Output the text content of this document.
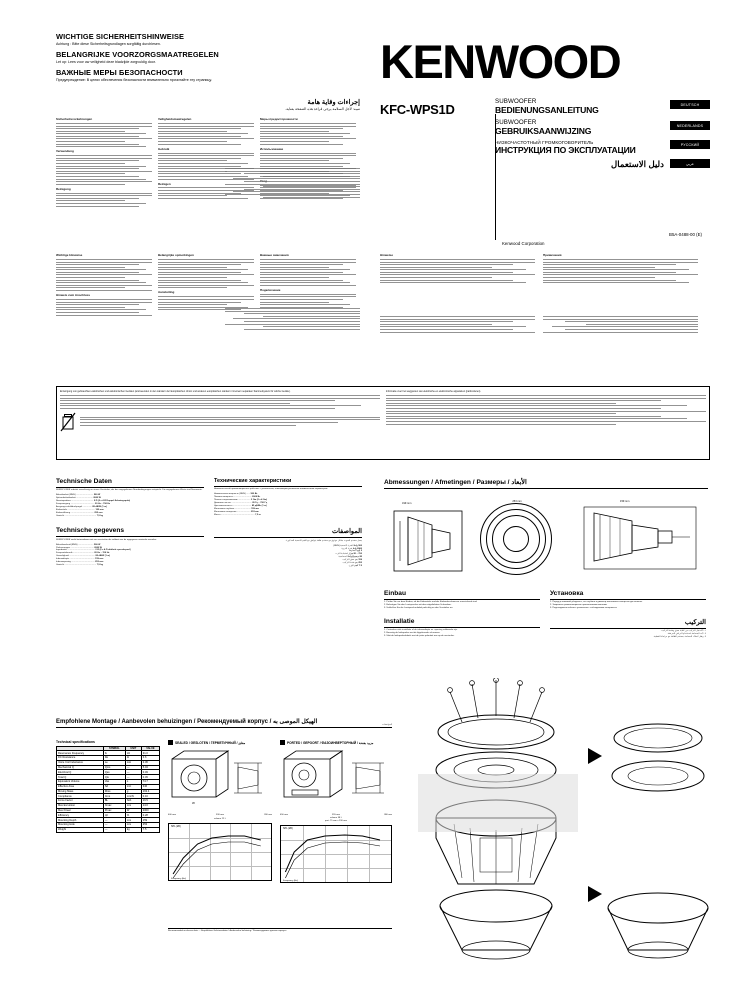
WICHTIGE SICHERHEITSHINWEISE
Achtung : Bitte diese Sicherheitsgrundlagen sorgfältig durchlesen.
BELANGRIJKE VOORZORGSMAATREGELEN
Let op: Lees voor uw veiligheid deze bladzijde zorgvuldig door.
ВАЖНЫЕ МЕРЫ БЕЗОПАСНОСТИ
Предупреждение: В целях обеспечения безопасности внимательно прочитайте эту страницу.
إجراءات وقاية هامة
تنبيه: لأجل السلامة يرجى قراءة هذه الصفحة بعناية.
KENWOOD
KFC-WPS1D
SUBWOOFER
BEDIENUNGSANLEITUNG
DEUTSCH
SUBWOOFER
GEBRUIKSAANWIJZING
NEDERLANDS
НИЗКОЧАСТОТНЫЙ ГРОМКОГОВОРИТЕЛЬ
ИНСТРУКЦИЯ ПО ЭКСПЛУАТАЦИИ
РУССКИЙ
دليل الاستعمال	عربي
Kenwood Corporation
B5A-0488-00 (E)
Sicherheitsvorkehrungen
Verwendung
Reinigung
Veiligheidsmaatregelen
Gebruik
Reinigen
Меры предосторожности
Использование
Wichtige Hinweise
Hinweis zum Anschluss
Belangrijke opmerkingen
Aansluiting
Важные замечания
Подключение
Hinweise	Примечания
Entsorgung von gebrauchten elektrischen und elektronischen Geräten (anzuwenden in den Ländern der Europäischen Union und anderen europäischen Ländern mit einem separaten Sammelsystem für solche Geräte).	Informatie over het weggooien van elektrische en elektronische apparatuur (particulieren).
Technische Daten
SUBWOOFER arbeitet zuverlässig an einem Verstärker, der den angegebenen Nennbedingungen entspricht. Die angegebenen Werte sind Nennwerte.
Belastbarkeit (RMS) ............................ 500 W
Spitzenbelastbarkeit ........................... 2000 W
Nennimpedanz .................................... 2 Ω (2 x 4 Ω Doppel-Schwingspule)
Frequenzgang ....................................... 20 Hz – 700 Hz
Ausgangsschalldruckpegel ............... 85 dB/W (1 m)
Einbautiefe ............................................. 159 mm
Einbauöffnung ...................................... 253 mm
Gewicht .................................................... 7,5 kg
Технические характеристики
Низкочастотный громкоговоритель работает с усилителем, отвечающим указанным номинальным параметрам.
Номинальная мощность (RMS) ...... 500 Вт
Пиковая мощность ............................. 2000 Вт
Полное сопротивление .................... 2 Ом (2 x 4 Ом)
Диапазон частот ................................. 20 Гц – 700 Гц
Чувствительность .............................. 85 дБ/Вт (1 м)
Монтажная глубина .......................... 159 мм
Монтажное отверстие ...................... 253 мм
Масса ....................................................... 7,5 кг
Technische gegevens
SUBWOOFER werkt betrouwbaar met een versterker die voldoet aan de opgegeven nominale waarden.
Belastbaarheid (RMS) ......................... 500 W
Piekvermogen ...................................... 2000 W
Impedantie ............................................. 2 Ω (2 x 4 Ω dubbele spreekspoel)
Frequentiebereik .................................. 20 Hz – 700 Hz
Gevoeligheid .......................................... 85 dB/W (1 m)
Inbouwdiepte ......................................... 159 mm
Inbouwopening ...................................... 253 mm
Gewicht .................................................... 7,5 kg
المواصفات
يعمل مضخم الصوت بشكل موثوق مع مضخم طاقة يتوافق مع القيم الاسمية المذكورة.
500 واط القدرة الاسمية (RMS)
2000 واط قدرة الذروة
2 أوم المعاوقة
700 – 20 هرتز استجابة التردد
85 ديسيبل/واط الحساسية
159 مم عمق التركيب
253 مم فتحة التركيب
7.5 كجم الوزن
Abmessungen / Afmetingen / Размеры / الأبعاد
319 mm
253 mm	159 mm
Einbau
1. Prüfen Sie vor dem Einbau, ob die Einbautiefe und der Einbaudurchmesser ausreichend sind.
2. Befestigen Sie den Lautsprecher mit den mitgelieferten Schrauben.
3. Schließen Sie die Lautsprecherkabel polrichtig an den Verstärker an.
Установка
1. Перед установкой убедитесь, что глубина и диаметр монтажного отверстия достаточны.
2. Закрепите громкоговоритель прилагаемыми винтами.
3. Подсоедините кабели к усилителю с соблюдением полярности.
Installatie
1. Controleer vóór installatie of de inbouwdiepte en -opening voldoende zijn.
2. Bevestig de luidspreker met de bijgeleverde schroeven.
3. Sluit de luidsprekerkabels met de juiste polariteit aan op de versterker.
التركيب
١. تأكد قبل التركيب من كفاية عمق وفتحة التركيب.
٢. ثبّت السماعة باستخدام البراغي المرفقة.
٣. وصّل أسلاك السماعة بمضخم الطاقة مع مراعاة القطبية.
Empfohlene Montage / Aanbevolen behuizingen / Рекомендуемый корпус / الهيكل الموصى به
Technical specifications
	SYMBOL	UNIT	VALUE
Resonance Frequency	fs	Hz	31.0
DC Resistance	Re	Ω	3.6
Voice Coil Inductance	Le	mH	2.36
Mechanical Q	Qms	—	5.04
Electrical Q	Qes	—	0.49
Total Q	Qts	—	0.45
Equivalent Volume	Vas	L	74.7
Effective Area	Sd	cm²	346
Moving Mass	Mms	g	163.4
Compliance	Cms	mm/N	0.16
Force Factor	BL	N/A	16.5
Max Excursion	Xmax	mm	14.0
Max Power	Pmax	W	2000
Efficiency	η0	%	0.28
Mounting Depth	—	mm	159
Mounting Hole	—	mm	253
Weight	—	kg	7.5
SEALED / GESLOTEN / ГЕРМЕТИЧНЫЙ / مغلق
W
400 mm	330 mm	330 mm
volume 22 L
SPL (dB)
Frequency (Hz)
PORTED / GEPOORT / ФАЗОИНВЕРТОРНЫЙ / مزود بفتحة
450 mm	355 mm	380 mm
volume 38 L
port: 75 mm x 230 mm
SPL (dB)
Frequency (Hz)
Recommended enclosure data — Empfohlene Gehäusedaten / Aanbevolen behuizing / Рекомендуемые данные корпуса
المواصفات
